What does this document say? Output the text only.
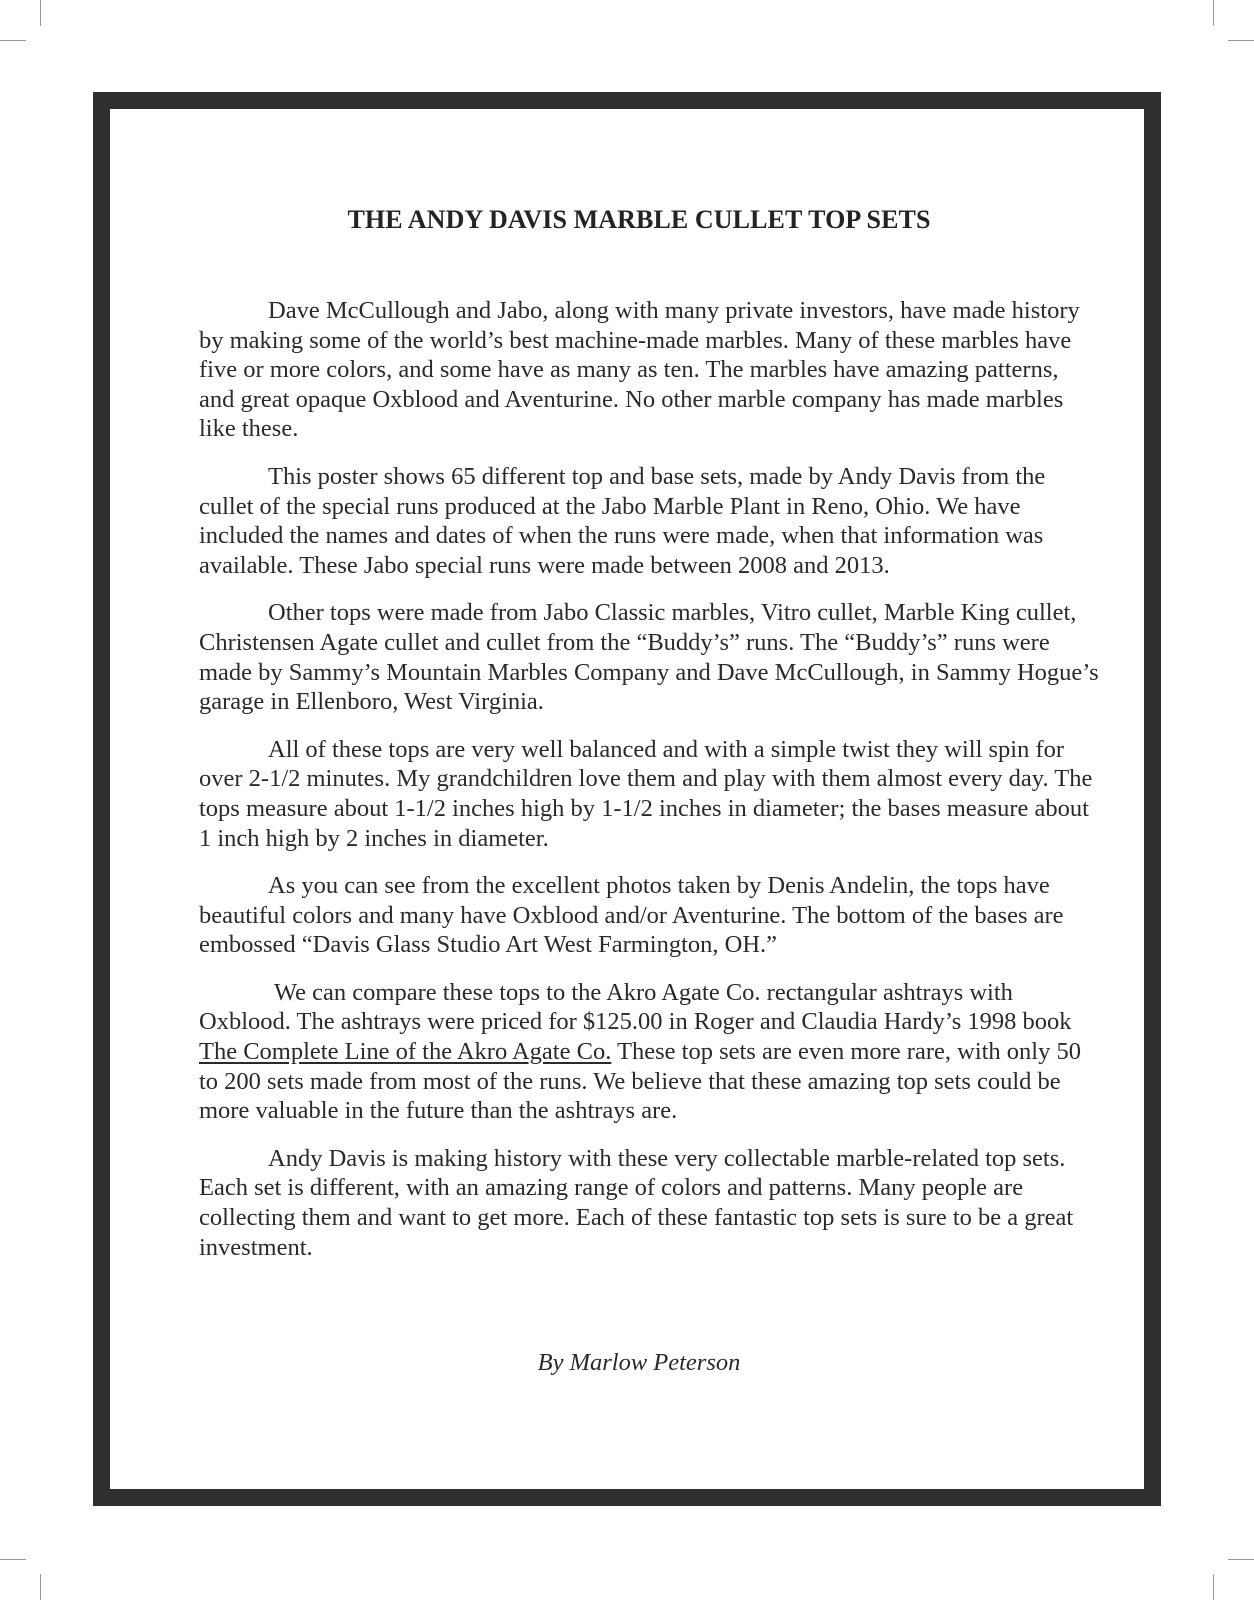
THE ANDY DAVIS MARBLE CULLET TOP SETS

Dave McCullough and Jabo, along with many private investors, have made history by making some of the world’s best machine-made marbles. Many of these marbles have five or more colors, and some have as many as ten. The marbles have amazing patterns, and great opaque Oxblood and Aventurine. No other marble company has made marbles like these.

This poster shows 65 different top and base sets, made by Andy Davis from the cullet of the special runs produced at the Jabo Marble Plant in Reno, Ohio. We have included the names and dates of when the runs were made, when that information was available. These Jabo special runs were made between 2008 and 2013.

Other tops were made from Jabo Classic marbles, Vitro cullet, Marble King cullet, Christensen Agate cullet and cullet from the “Buddy’s” runs. The “Buddy’s” runs were made by Sammy’s Mountain Marbles Company and Dave McCullough, in Sammy Hogue’s garage in Ellenboro, West Virginia.

All of these tops are very well balanced and with a simple twist they will spin for over 2-1/2 minutes. My grandchildren love them and play with them almost every day. The tops measure about 1-1/2 inches high by 1-1/2 inches in diameter; the bases measure about 1 inch high by 2 inches in diameter.

As you can see from the excellent photos taken by Denis Andelin, the tops have beautiful colors and many have Oxblood and/or Aventurine. The bottom of the bases are embossed “Davis Glass Studio Art West Farmington, OH.”

We can compare these tops to the Akro Agate Co. rectangular ashtrays with Oxblood. The ashtrays were priced for $125.00 in Roger and Claudia Hardy’s 1998 book The Complete Line of the Akro Agate Co. These top sets are even more rare, with only 50 to 200 sets made from most of the runs. We believe that these amazing top sets could be more valuable in the future than the ashtrays are.

Andy Davis is making history with these very collectable marble-related top sets. Each set is different, with an amazing range of colors and patterns. Many people are collecting them and want to get more. Each of these fantastic top sets is sure to be a great investment.

By Marlow Peterson
